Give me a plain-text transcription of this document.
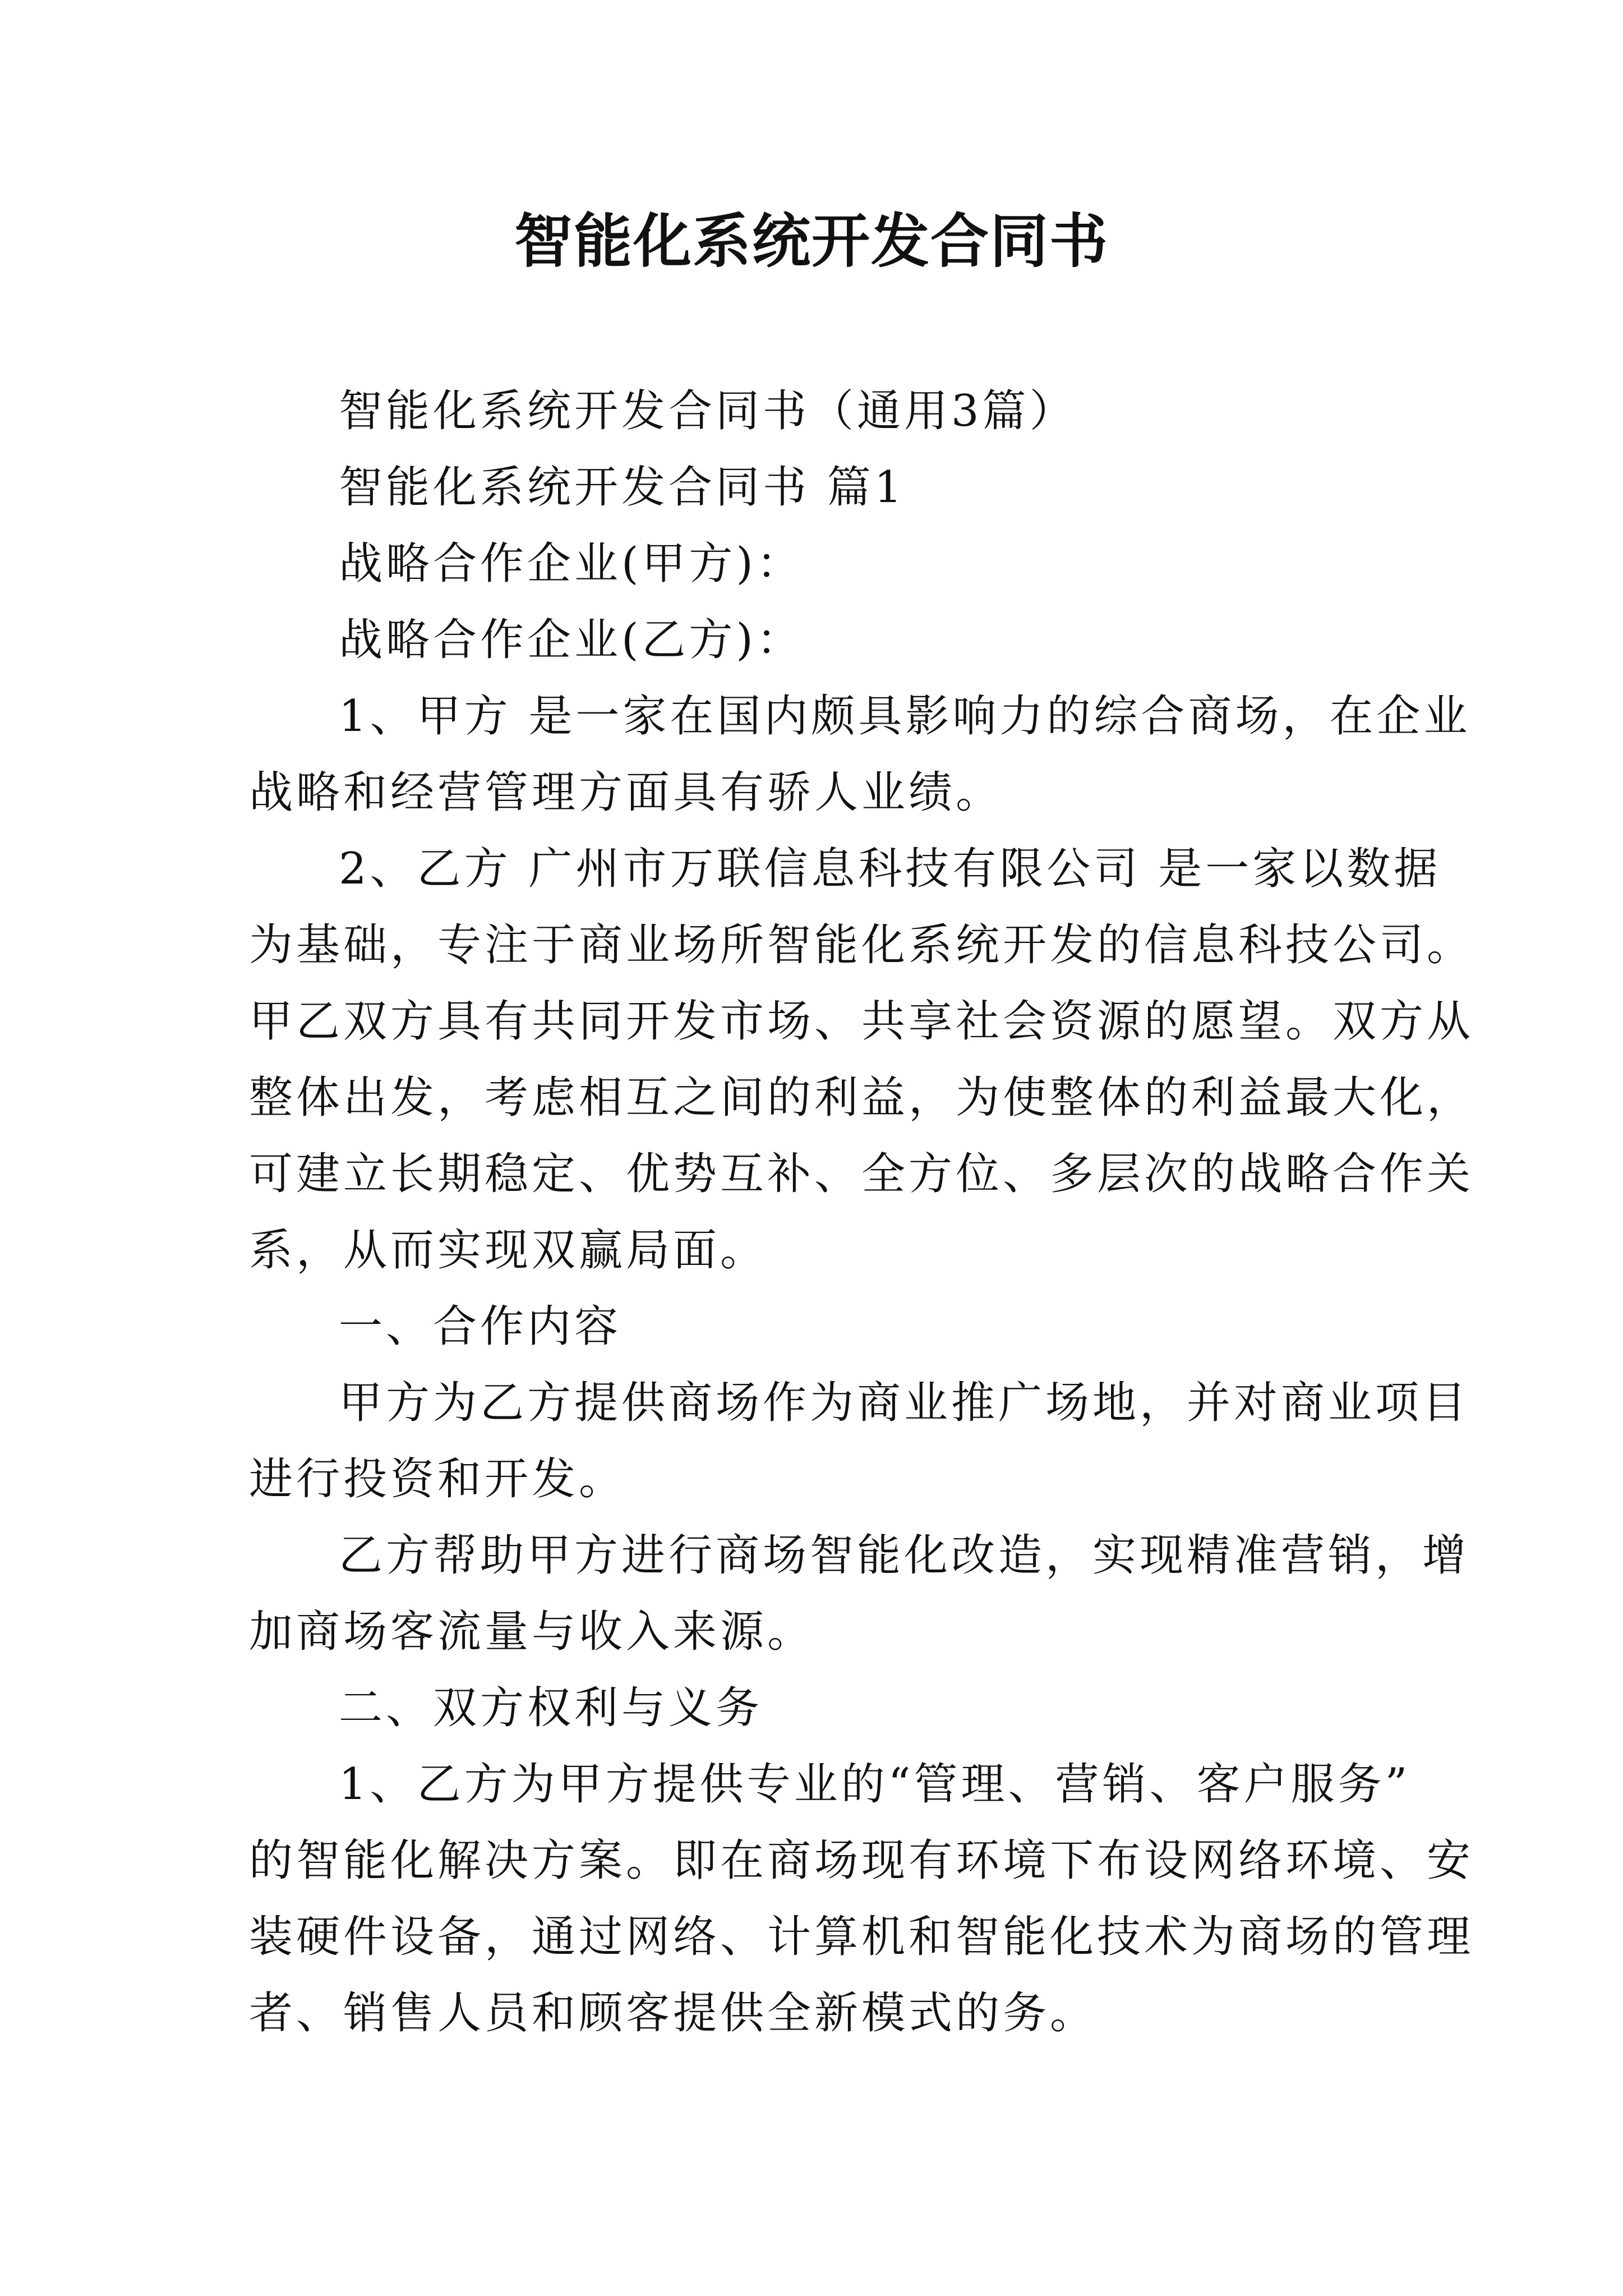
智能化系统开发合同书
智能化系统开发合同书（通用3篇）
智能化系统开发合同书 篇1
战略合作企业(甲方)：
战略合作企业(乙方)：
1、甲方 是一家在国内颇具影响力的综合商场，在企业
战略和经营管理方面具有骄人业绩。
2、乙方 广州市万联信息科技有限公司 是一家以数据
为基础，专注于商业场所智能化系统开发的信息科技公司。
甲乙双方具有共同开发市场、共享社会资源的愿望。双方从
整体出发，考虑相互之间的利益，为使整体的利益最大化，
可建立长期稳定、优势互补、全方位、多层次的战略合作关
系，从而实现双赢局面。
一、合作内容
甲方为乙方提供商场作为商业推广场地，并对商业项目
进行投资和开发。
乙方帮助甲方进行商场智能化改造，实现精准营销，增
加商场客流量与收入来源。
二、双方权利与义务
1、乙方为甲方提供专业的“管理、营销、客户服务”
的智能化解决方案。即在商场现有环境下布设网络环境、安
装硬件设备，通过网络、计算机和智能化技术为商场的管理
者、销售人员和顾客提供全新模式的务。
